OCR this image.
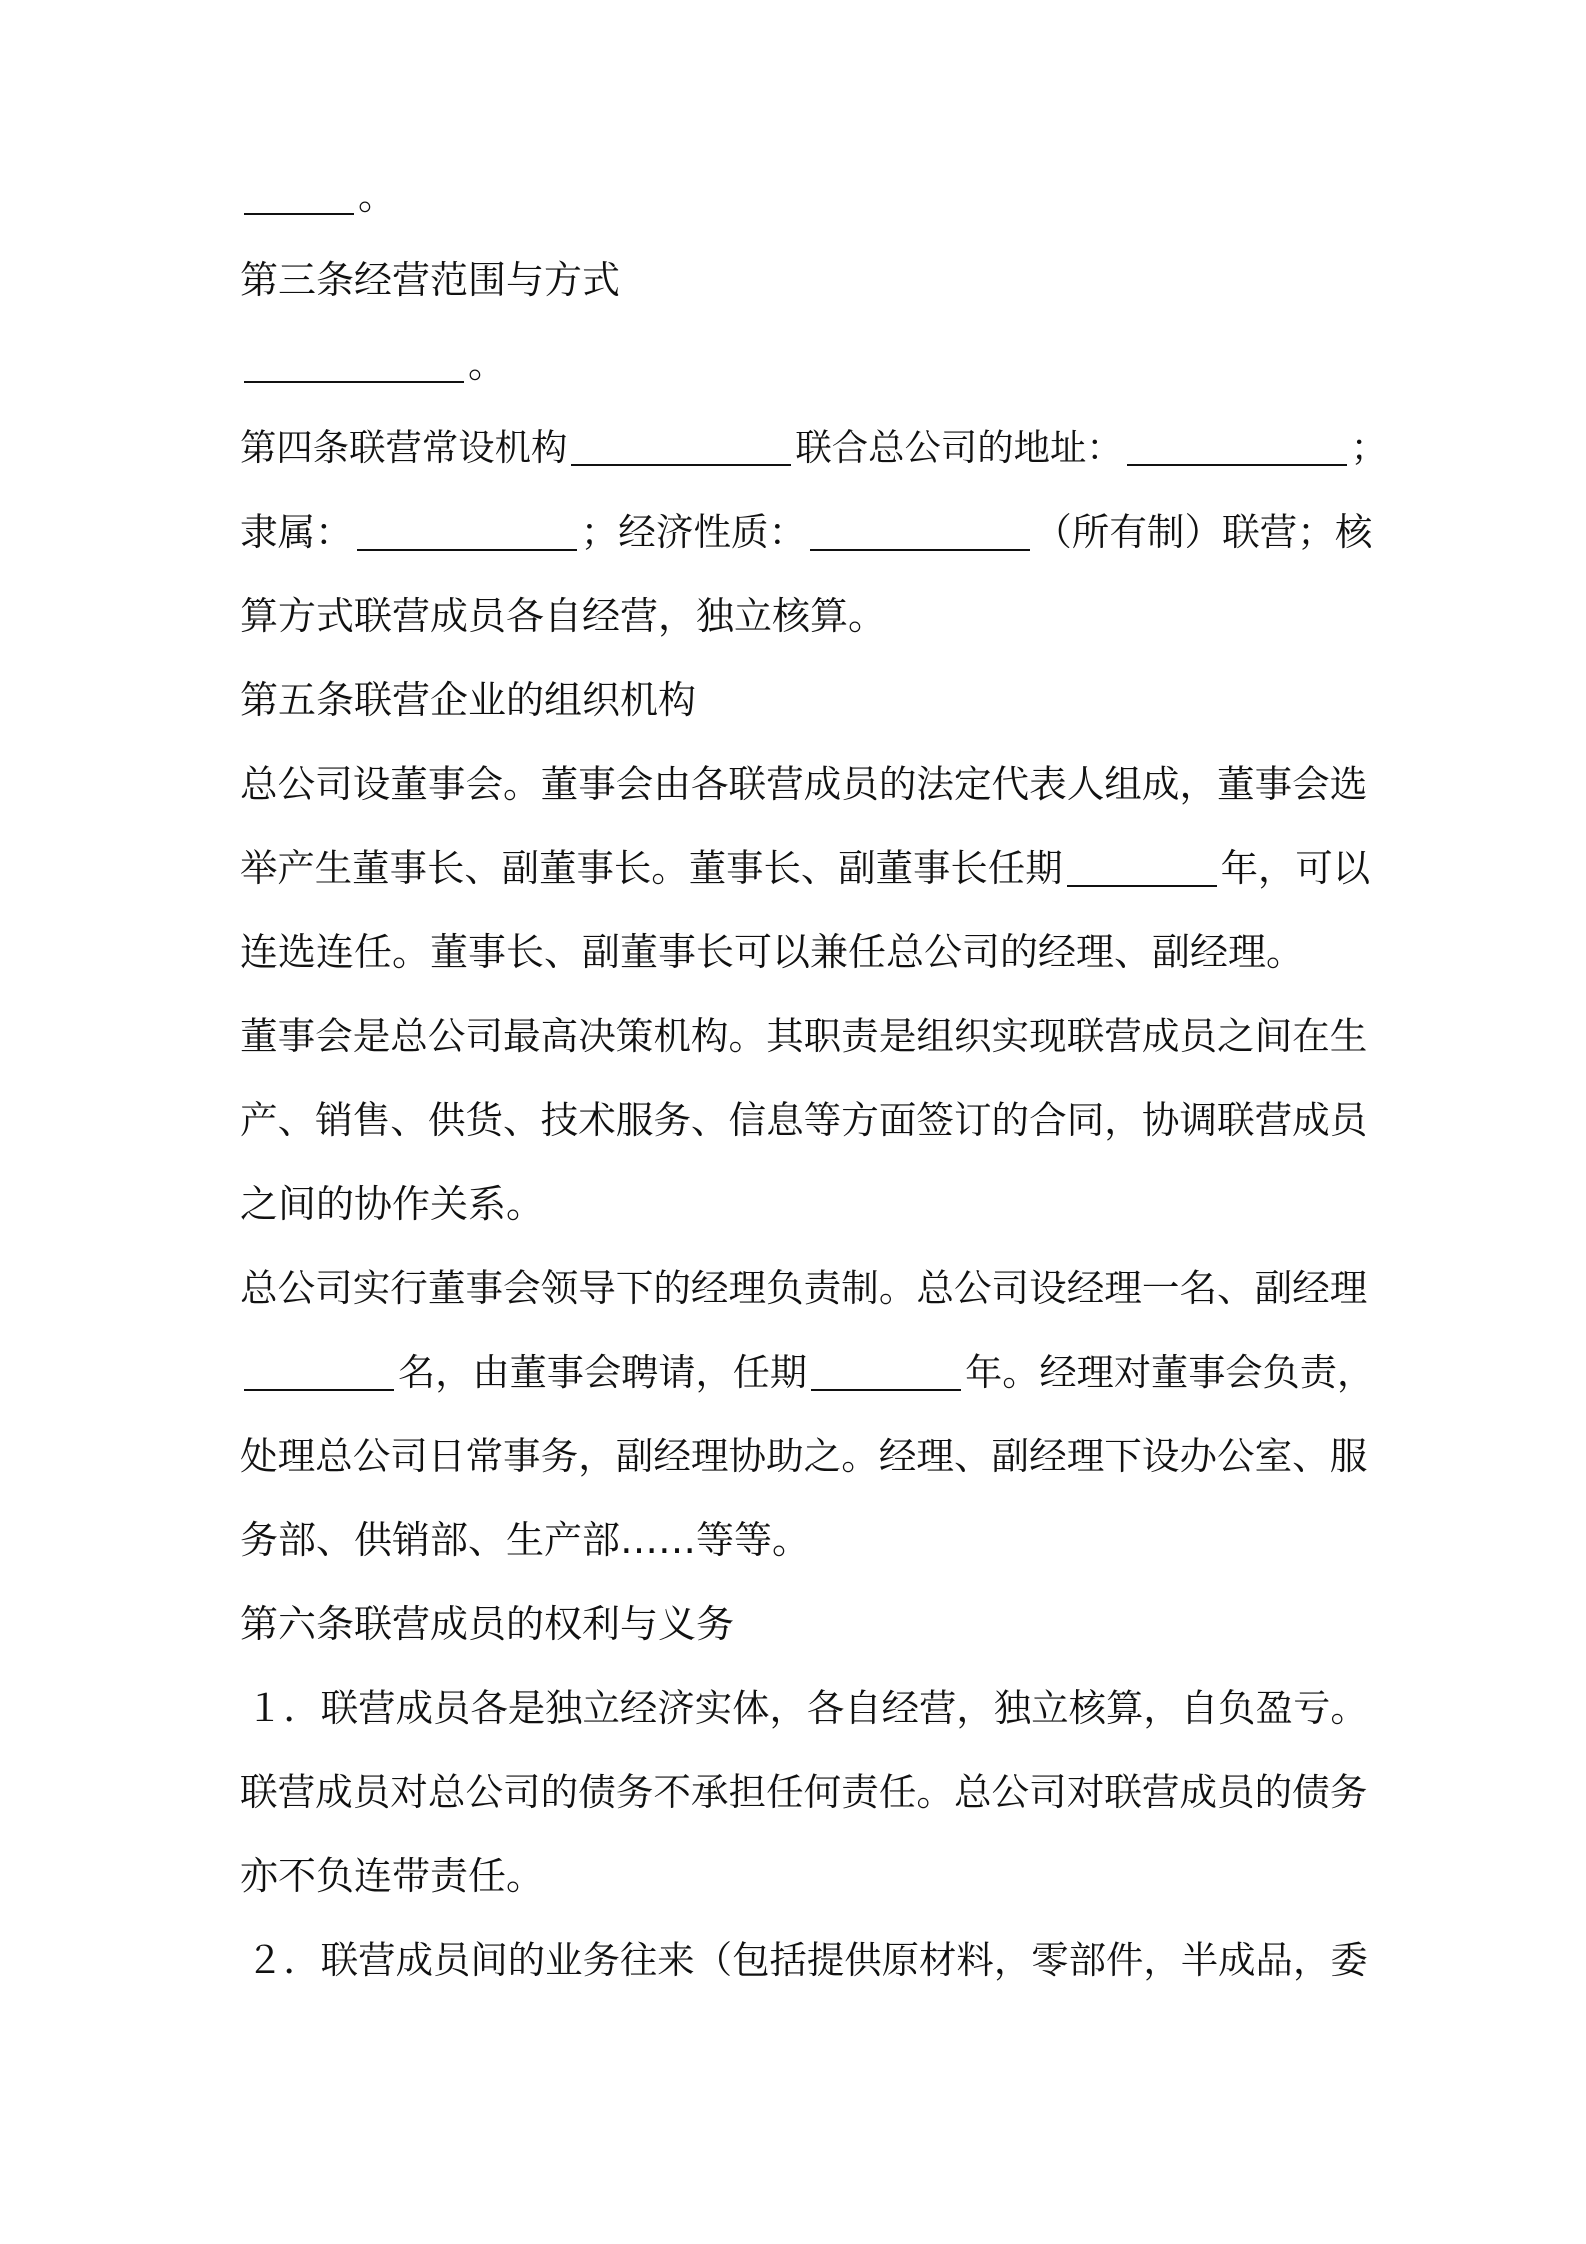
。

第三条经营范围与方式

。

第四条联营常设机构	联合总公司的地址：	；

隶属：	；经济性质：	（所有制）联营；核

算方式联营成员各自经营，独立核算。

第五条联营企业的组织机构

总公司设董事会。董事会由各联营成员的法定代表人组成，董事会选

举产生董事长、副董事长。董事长、副董事长任期	年，可以

连选连任。董事长、副董事长可以兼任总公司的经理、副经理。

董事会是总公司最高决策机构。其职责是组织实现联营成员之间在生

产、销售、供货、技术服务、信息等方面签订的合同，协调联营成员

之间的协作关系。

总公司实行董事会领导下的经理负责制。总公司设经理一名、副经理

名，由董事会聘请，任期	年。经理对董事会负责，

处理总公司日常事务，副经理协助之。经理、副经理下设办公室、服

务部、供销部、生产部……等等。

第六条联营成员的权利与义务

１．联营成员各是独立经济实体，各自经营，独立核算，自负盈亏。

联营成员对总公司的债务不承担任何责任。总公司对联营成员的债务

亦不负连带责任。

２．联营成员间的业务往来（包括提供原材料，零部件，半成品，委
